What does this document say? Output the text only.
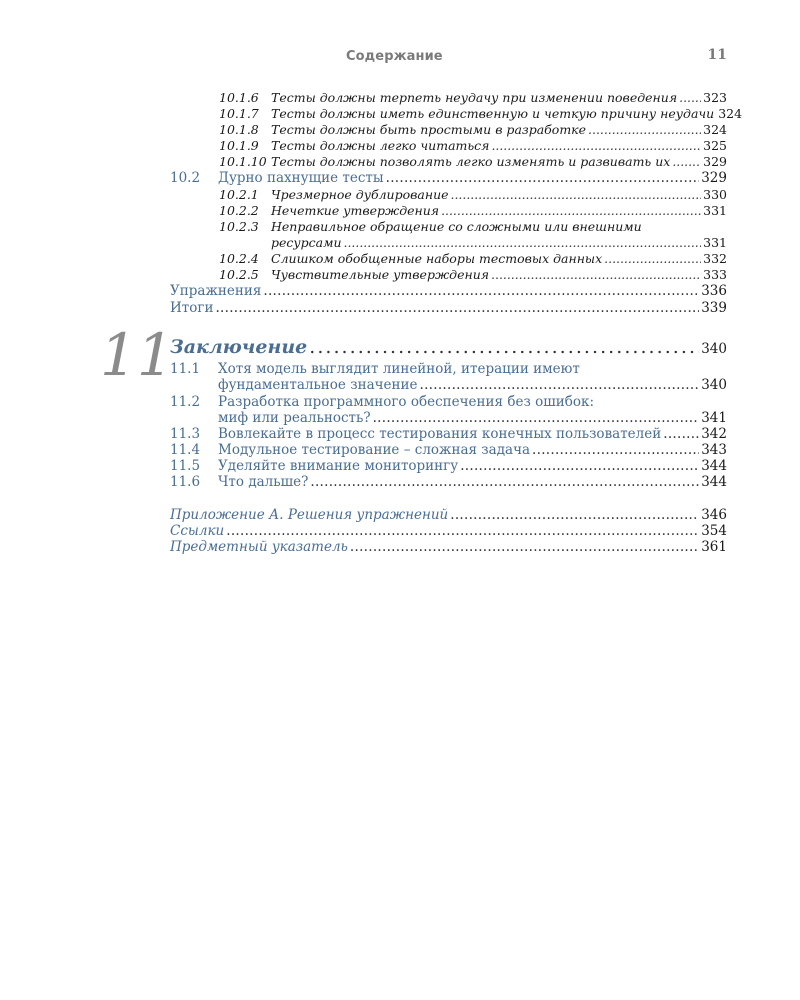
Содержание	11
10.1.6 Тесты должны терпеть неудачу при изменении поведения . . . 323
10.1.7 Тесты должны иметь единственную и четкую причину неудачи 324
10.1.8 Тесты должны быть простыми в разработке . . .	324
10.1.9 Тесты должны легко читаться . . .	325
10.1.10 Тесты должны позволять легко изменять и развивать их . . .	329
10.2	Дурно пахнущие тесты . . .	329
10.2.1 Чрезмерное дублирование . . .	330
10.2.2 Нечеткие утверждения . . .	331
10.2.3 Неправильное обращение со сложными или внешними
ресурсами . . .	331
10.2.4 Слишком обобщенные наборы тестовых данных . . .	332
10.2.5 Чувствительные утверждения . . .	333
Упражнения . . .	336
Итоги . . .	339
11
Заключение . . .	340
11.1 Хотя модель выглядит линейной, итерации имеют
фундаментальное значение . . .	340
11.2 Разработка программного обеспечения без ошибок:
миф или реальность? . . .	341
11.3	Вовлекайте в процесс тестирования конечных пользователей . . .	342
11.4	Модульное тестирование – сложная задача . . .	343
11.5	Уделяйте внимание мониторингу . . .	344
11.6	Что дальше? . . .	344
Приложение А. Решения упражнений . . .	346
Ссылки . . .	354
Предметный указатель . . .	361
